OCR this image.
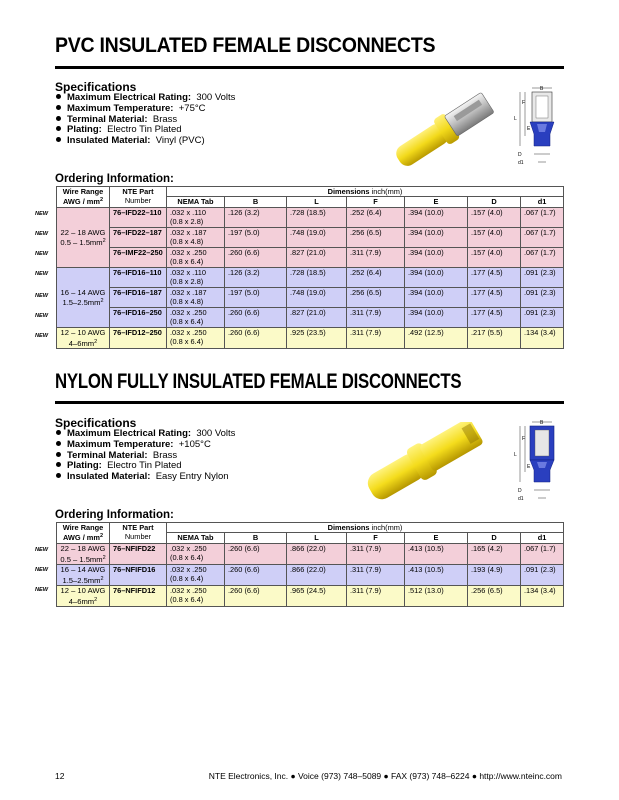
PVC INSULATED FEMALE DISCONNECTS
Specifications
Maximum Electrical Rating: 300 Volts
Maximum Temperature: +75°C
Terminal Material: Brass
Plating: Electro Tin Plated
Insulated Material: Vinyl (PVC)
B
L
F
E
D
d1
Ordering Information:
Wire Range
AWG / $mm^2$	NTE Part
Number	Dimensions inch(mm)						
		NEMA Tab	B	L	F	E	D	d1
22 – 18 AWG
$0.5 - 1.5mm^2$	76–IFD22–110	.032 x .110
(0.8 x 2.8)	.126 (3.2)	.728 (18.5)	.252 (6.4)	.394 (10.0)	.157 (4.0)	.067 (1.7)
	76–IFD22–187	.032 x .187
(0.8 x 4.8)	.197 (5.0)	.748 (19.0)	.256 (6.5)	.394 (10.0)	.157 (4.0)	.067 (1.7)
	76–IMF22–250	.032 x .250
(0.8 x 6.4)	.260 (6.6)	.827 (21.0)	.311 (7.9)	.394 (10.0)	.157 (4.0)	.067 (1.7)
16 – 14 AWG
$1.5-2.5mm^2$	76–IFD16–110	.032 x .110
(0.8 x 2.8)	.126 (3.2)	.728 (18.5)	.252 (6.4)	.394 (10.0)	.177 (4.5)	.091 (2.3)
	76–IFD16–187	.032 x .187
(0.8 x 4.8)	.197 (5.0)	.748 (19.0)	.256 (6.5)	.394 (10.0)	.177 (4.5)	.091 (2.3)
	76–IFD16–250	.032 x .250
(0.8 x 6.4)	.260 (6.6)	.827 (21.0)	.311 (7.9)	.394 (10.0)	.177 (4.5)	.091 (2.3)
12 – 10 AWG
$4-6mm^2$	76–IFD12–250	.032 x .250
(0.8 x 6.4)	.260 (6.6)	.925 (23.5)	.311 (7.9)	.492 (12.5)	.217 (5.5)	.134 (3.4)
NEW
NEW
NEW
NEW
NEW
NEW
NEW
NYLON FULLY INSULATED FEMALE DISCONNECTS
Specifications
Maximum Electrical Rating: 300 Volts
Maximum Temperature: +105°C
Terminal Material: Brass
Plating: Electro Tin Plated
Insulated Material: Easy Entry Nylon
B
L
F
E
D
d1
Ordering Information:
Wire Range
AWG / $mm^2$	NTE Part
Number	Dimensions inch(mm)						
		NEMA Tab	B	L	F	E	D	d1
22 – 18 AWG
$0.5 - 1.5mm^2$	76–NFIFD22	.032 x .250
(0.8 x 6.4)	.260 (6.6)	.866 (22.0)	.311 (7.9)	.413 (10.5)	.165 (4.2)	.067 (1.7)
16 – 14 AWG
$1.5-2.5mm^2$	76–NFIFD16	.032 x .250
(0.8 x 6.4)	.260 (6.6)	.866 (22.0)	.311 (7.9)	.413 (10.5)	.193 (4.9)	.091 (2.3)
12 – 10 AWG
$4-6mm^2$	76–NFIFD12	.032 x .250
(0.8 x 6.4)	.260 (6.6)	.965 (24.5)	.311 (7.9)	.512 (13.0)	.256 (6.5)	.134 (3.4)
NEW
NEW
NEW
12	NTE Electronics, Inc. ● Voice (973) 748–5089 ● FAX (973) 748–6224 ● http://www.nteinc.com
